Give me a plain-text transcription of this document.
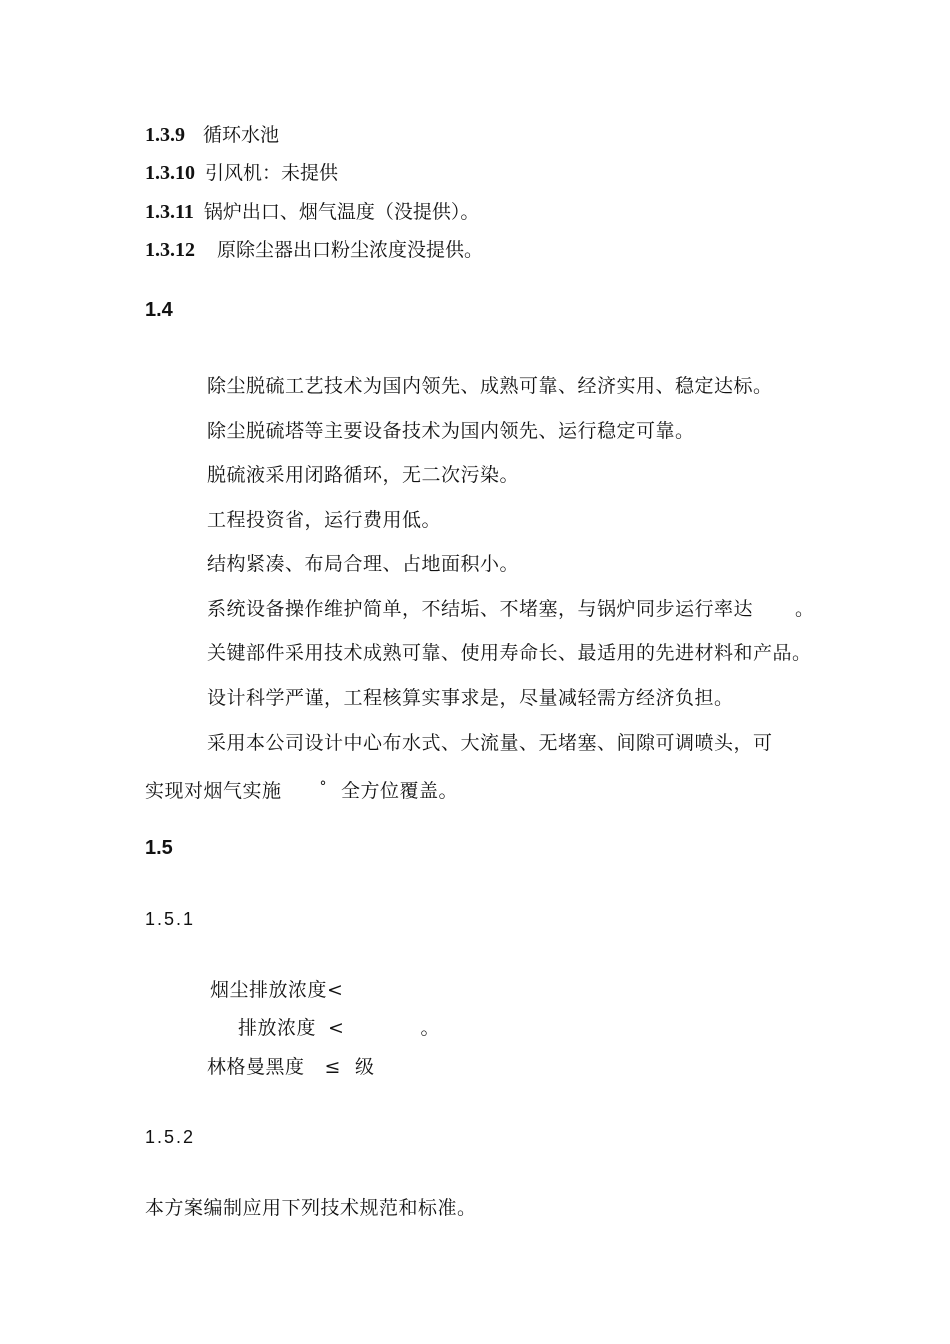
1.3.9 循环水池
1.3.10 引风机：未提供
1.3.11 锅炉出口、烟气温度（没提供）。
1.3.12 原除尘器出口粉尘浓度没提供。
1.4
除尘脱硫工艺技术为国内领先、成熟可靠、经济实用、稳定达标。
除尘脱硫塔等主要设备技术为国内领先、运行稳定可靠。
脱硫液采用闭路循环，无二次污染。
工程投资省，运行费用低。
结构紧凑、布局合理、占地面积小。
系统设备操作维护简单，不结垢、不堵塞，与锅炉同步运行率达 。
关键部件采用技术成熟可靠、使用寿命长、最适用的先进材料和产品。
设计科学严谨，工程核算实事求是，尽量减轻需方经济负担。
采用本公司设计中心布水式、大流量、无堵塞、间隙可调喷头，可
实现对烟气实施	° 全方位覆盖。
1.5
1.5.1
烟尘排放浓度<
排放浓度 <	。
林格曼黑度 ≤ 级
1.5.2
本方案编制应用下列技术规范和标准。
